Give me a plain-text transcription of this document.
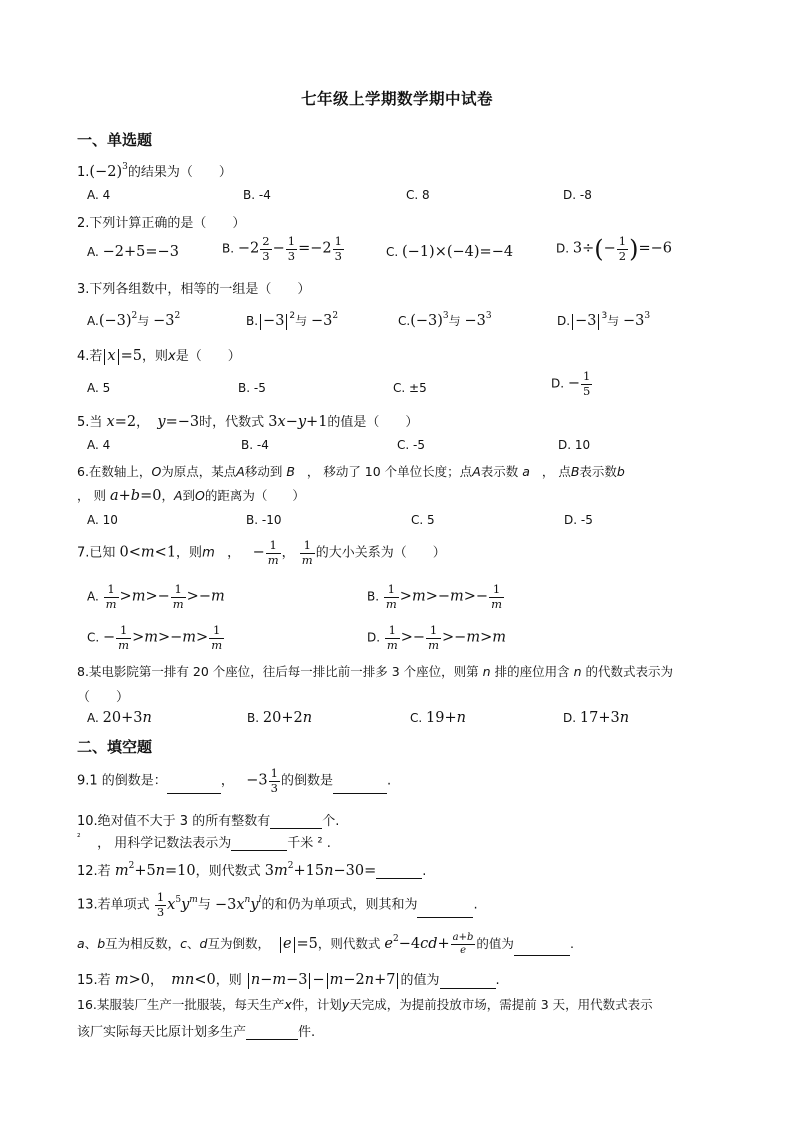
七年级上学期数学期中试卷
一、单选题
$1.(-2)^3$的结果为（　　）
A. 4	B. -4	C. 8	D. -8
2.下列计算正确的是（　　）
A. −2+5=−3	B. $-2 \frac{2}{3} - \frac{1}{3} =-2 \frac{1}{3}$	C. (−1)×(−4)=−4	D. $3\div(- \frac{1}{2} )=-6$
3.下列各组数中，相等的一组是（　　）
$A.(-3)^2$与 $-3^2$	B. −3 $^2$与 $-3^2$	$C.(-3)^3$与 $-3^3$	D. −3 $^3$与 $-3^3$
4.若 x =5，则x是（　　）
A. 5	B. -5	C. ±5	D. − $\frac{1}{5}$
5.当 x=2，  y=−3时，代数式 3x−y+1的值是（　　）
A. 4	B. -4	C. -5	D. 10
6.在数轴上，O为原点，某点A移动到 B ， 移动了 10 个单位长度；点A表示数 a ， 点B表示数b
， 则 a+b=0，A到O的距离为（　　）
A. 10	B. -10	C. 5	D. -5
7.已知 0<m<1，则m ， − $\frac{1}{m}$ ， $\frac{1}{m}$ 的大小关系为（　　）
A. $\frac{1}{m} >m>- \frac{1}{m} >-m$	B. $\frac{1}{m} >m>-m>- \frac{1}{m}$
C. − $\frac{1}{m} >m>-m> \frac{1}{m}$	D. $\frac{1}{m} >- \frac{1}{m} >-m>m$
8.某电影院第一排有 20 个座位，往后每一排比前一排多 3 个座位，则第 n 排的座位用含 n 的代数式表示为
（　　）
A. 20+3n	B. 20+2n	C. 19+n	D. 17+3n
二、填空题
9.1 的倒数是：	， $-3 \frac{1}{3}$ 的倒数是	.
10.绝对值不大于 3 的所有整数有	个.
$^{^2}$ ， 用科学记数法表示为	千米 ² .
12.若 $m^2+5n=10$，则代数式 $3m^2+15n-30=$	.
13.若单项式 $\frac{1}{3} x^5y^m$与 $-3x^ny^l$的和仍为单项式，则其和为	.
a、b互为相反数，c、d互为倒数， e =5，则代数式 $e^2-4cd+ \frac{a+b}{e}$ 的值为	.
15.若 m>0， mn<0，则 n−m−3 − m−2n+7 的值为	.
16.某服装厂生产一批服装，每天生产x件，计划y天完成，为提前投放市场，需提前 3 天，用代数式表示
该厂实际每天比原计划多生产	件.
